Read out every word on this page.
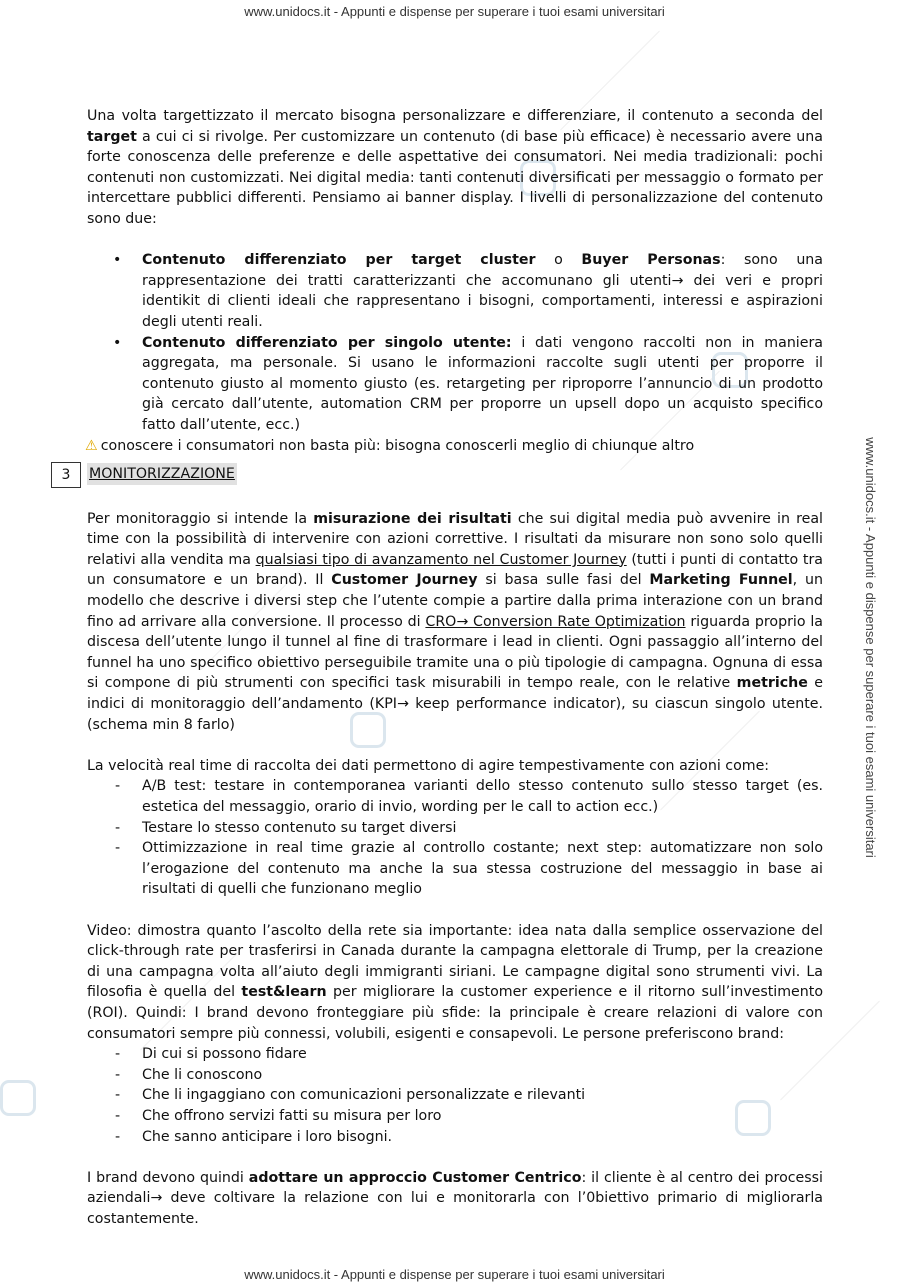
www.unidocs.it - Appunti e dispense per superare i tuoi esami universitari
www.unidocs.it - Appunti e dispense per superare i tuoi esami universitari
www.unidocs.it - Appunti e dispense per superare i tuoi esami universitari

Una volta targettizzato il mercato bisogna personalizzare e differenziare, il contenuto a seconda del target a cui ci si rivolge. Per customizzare un contenuto (di base più efficace) è necessario avere una forte conoscenza delle preferenze e delle aspettative dei consumatori. Nei media tradizionali: pochi contenuti non customizzati. Nei digital media: tanti contenuti diversificati per messaggio o formato per intercettare pubblici differenti. Pensiamo ai banner display. I livelli di personalizzazione del contenuto sono due:

• Contenuto differenziato per target cluster o Buyer Personas: sono una rappresentazione dei tratti caratterizzanti che accomunano gli utenti→ dei veri e propri identikit di clienti ideali che rappresentano i bisogni, comportamenti, interessi e aspirazioni degli utenti reali.
• Contenuto differenziato per singolo utente: i dati vengono raccolti non in maniera aggregata, ma personale. Si usano le informazioni raccolte sugli utenti per proporre il contenuto giusto al momento giusto (es. retargeting per riproporre l’annuncio di un prodotto già cercato dall’utente, automation CRM per proporre un upsell dopo un acquisto specifico fatto dall’utente, ecc.)

⚠ conoscere i consumatori non basta più: bisogna conoscerli meglio di chiunque altro

3	MONITORIZZAZIONE

Per monitoraggio si intende la misurazione dei risultati che sui digital media può avvenire in real time con la possibilità di intervenire con azioni correttive. I risultati da misurare non sono solo quelli relativi alla vendita ma qualsiasi tipo di avanzamento nel Customer Journey (tutti i punti di contatto tra un consumatore e un brand). Il Customer Journey si basa sulle fasi del Marketing Funnel, un modello che descrive i diversi step che l’utente compie a partire dalla prima interazione con un brand fino ad arrivare alla conversione. Il processo di CRO→ Conversion Rate Optimization riguarda proprio la discesa dell’utente lungo il tunnel al fine di trasformare i lead in clienti. Ogni passaggio all’interno del funnel ha uno specifico obiettivo perseguibile tramite una o più tipologie di campagna. Ognuna di essa si compone di più strumenti con specifici task misurabili in tempo reale, con le relative metriche e indici di monitoraggio dell’andamento (KPI→ keep performance indicator), su ciascun singolo utente. (schema min 8 farlo)

La velocità real time di raccolta dei dati permettono di agire tempestivamente con azioni come:

- A/B test: testare in contemporanea varianti dello stesso contenuto sullo stesso target (es. estetica del messaggio, orario di invio, wording per le call to action ecc.)
- Testare lo stesso contenuto su target diversi
- Ottimizzazione in real time grazie al controllo costante; next step: automatizzare non solo l’erogazione del contenuto ma anche la sua stessa costruzione del messaggio in base ai risultati di quelli che funzionano meglio

Video: dimostra quanto l’ascolto della rete sia importante: idea nata dalla semplice osservazione del click-through rate per trasferirsi in Canada durante la campagna elettorale di Trump, per la creazione di una campagna volta all’aiuto degli immigranti siriani. Le campagne digital sono strumenti vivi. La filosofia è quella del test&learn per migliorare la customer experience e il ritorno sull’investimento (ROI). Quindi: I brand devono fronteggiare più sfide: la principale è creare relazioni di valore con consumatori sempre più connessi, volubili, esigenti e consapevoli. Le persone preferiscono brand:

- Di cui si possono fidare
- Che li conoscono
- Che li ingaggiano con comunicazioni personalizzate e rilevanti
- Che offrono servizi fatti su misura per loro
- Che sanno anticipare i loro bisogni.

I brand devono quindi adottare un approccio Customer Centrico: il cliente è al centro dei processi aziendali→ deve coltivare la relazione con lui e monitorarla con l’0biettivo primario di migliorarla costantemente.
